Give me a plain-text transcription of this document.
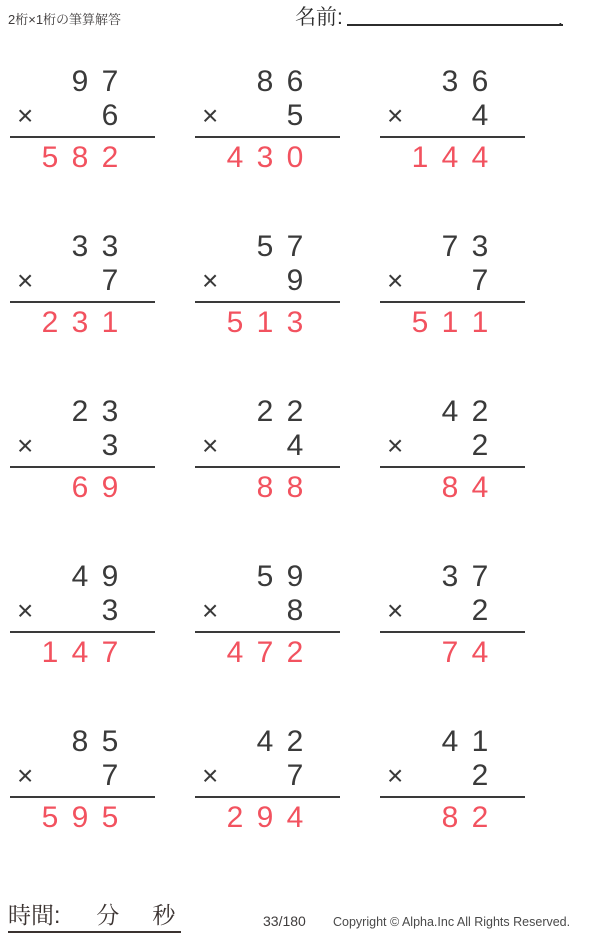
2桁×1桁の筆算解答	名前:	.
9 7
× 6
5 8 2
8 6
× 5
4 3 0
3 6
× 4
1 4 4
3 3
× 7
2 3 1
5 7
× 9
5 1 3
7 3
× 7
5 1 1
2 3
× 3
6 9
2 2
× 4
8 8
4 2
× 2
8 4
4 9
× 3
1 4 7
5 9
× 8
4 7 2
3 7
× 2
7 4
8 5
× 7
5 9 5
4 2
× 7
2 9 4
4 1
× 2
8 2
時間: 分 秒	33/180 Copyright © Alpha.Inc All Rights Reserved.
